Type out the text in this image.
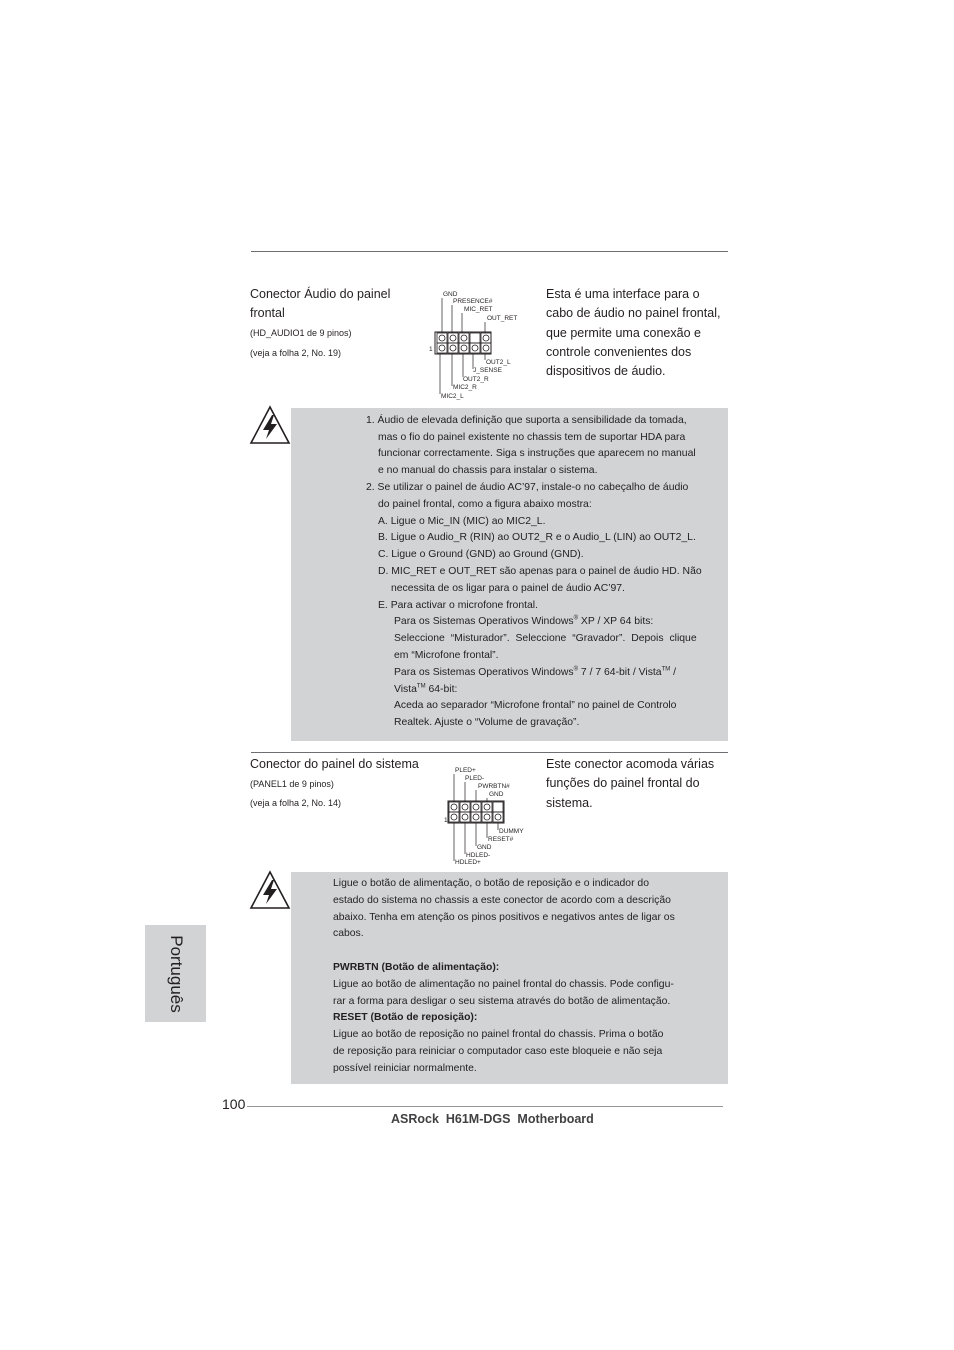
Conector Áudio do painel
frontal
(HD_AUDIO1 de 9 pinos)
(veja a folha 2, No. 19)
GND
PRESENCE#
MIC_RET
OUT_RET
OUT2_L
J_SENSE
OUT2_R
MIC2_R
MIC2_L
1
Esta é uma interface para o
cabo de áudio no painel frontal,
que permite uma conexão e
controle convenientes dos
dispositivos de áudio.
1. Áudio de elevada definição que suporta a sensibilidade da tomada,
mas o fio do painel existente no chassis tem de suportar HDA para
funcionar correctamente. Siga s instruções que aparecem no manual
e no manual do chassis para instalar o sistema.
2. Se utilizar o painel de áudio AC’97, instale-o no cabeçalho de áudio
do painel frontal, como a figura abaixo mostra:
A. Ligue o Mic_IN (MIC) ao MIC2_L.
B. Ligue o Audio_R (RIN) ao OUT2_R e o Audio_L (LIN) ao OUT2_L.
C. Ligue o Ground (GND) ao Ground (GND).
D. MIC_RET e OUT_RET são apenas para o painel de áudio HD. Não
necessita de os ligar para o painel de áudio AC’97.
E. Para activar o microfone frontal.
Para os Sistemas Operativos Windows® XP / XP 64 bits:
Seleccione “Misturador”. Seleccione “Gravador”. Depois clique
em “Microfone frontal”.
Para os Sistemas Operativos Windows® 7 / 7 64-bit / Vista™ /
Vista™ 64-bit:
Aceda ao separador “Microfone frontal” no painel de Controlo
Realtek. Ajuste o “Volume de gravação”.
Conector do painel do sistema
(PANEL1 de 9 pinos)
(veja a folha 2, No. 14)
PLED+
PLED-
PWRBTN#
GND
DUMMY
RESET#
GND
HDLED-
HDLED+
1
Este conector acomoda várias
funções do painel frontal do
sistema.

Ligue o botão de alimentação, o botão de reposição e o indicador do

estado do sistema no chassis a este conector de acordo com a descrição

abaixo. Tenha em atenção os pinos positivos e negativos antes de ligar os

cabos.

PWRBTN (Botão de alimentação):

Ligue ao botão de alimentação no painel frontal do chassis. Pode configu-

rar a forma para desligar o seu sistema através do botão de alimentação.

RESET (Botão de reposição):

Ligue ao botão de reposição no painel frontal do chassis. Prima o botão

de reposição para reiniciar o computador caso este bloqueie e não seja

possível reiniciar normalmente.

Português
100
ASRock  H61M-DGS  Motherboard
